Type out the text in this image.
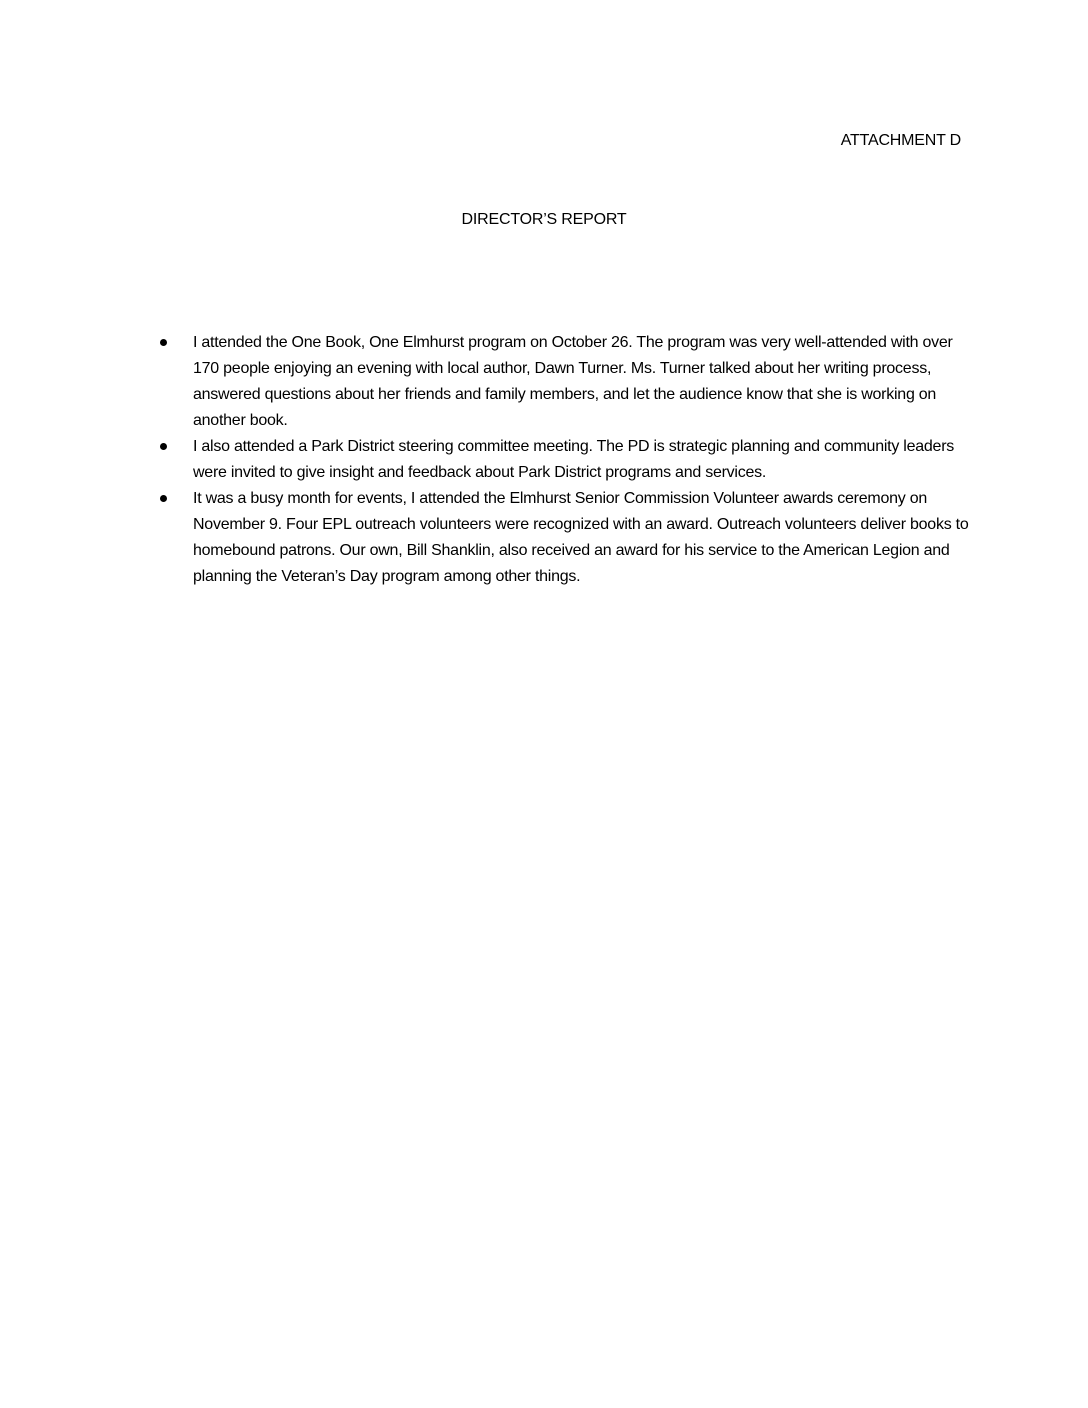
ATTACHMENT D
DIRECTOR’S REPORT
I attended the One Book, One Elmhurst program on October 26. The program was very well-attended with over 170 people enjoying an evening with local author, Dawn Turner. Ms. Turner talked about her writing process, answered questions about her friends and family members, and let the audience know that she is working on another book.
I also attended a Park District steering committee meeting. The PD is strategic planning and community leaders were invited to give insight and feedback about Park District programs and services.
It was a busy month for events, I attended the Elmhurst Senior Commission Volunteer awards ceremony on November 9. Four EPL outreach volunteers were recognized with an award. Outreach volunteers deliver books to homebound patrons. Our own, Bill Shanklin, also received an award for his service to the American Legion and planning the Veteran’s Day program among other things.
